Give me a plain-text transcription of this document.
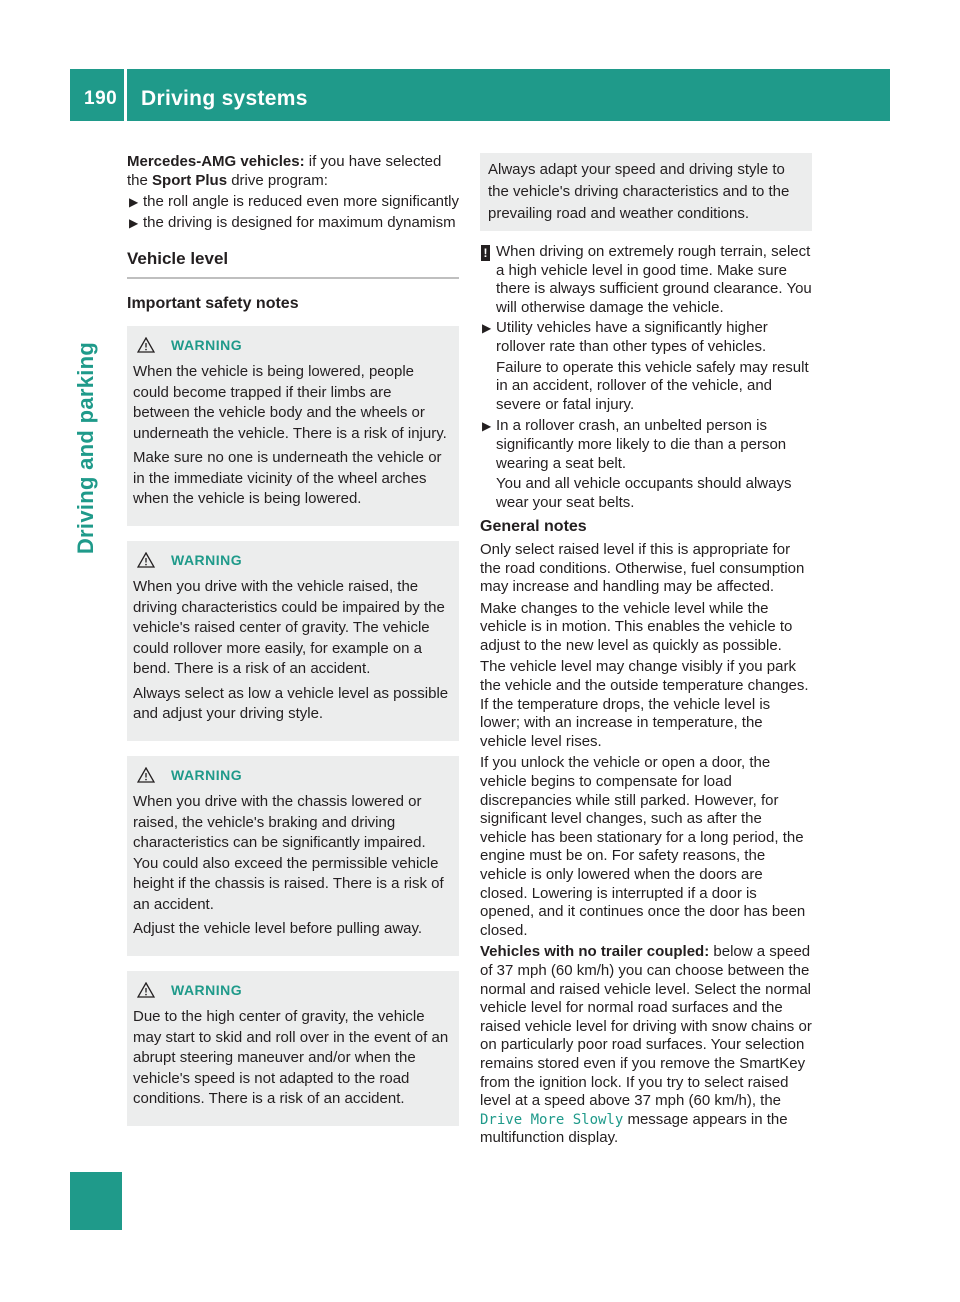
190 Driving systems
Driving and parking

Mercedes-AMG vehicles: if you have selected the Sport Plus drive program:

▶ the roll angle is reduced even more significantly
▶ the driving is designed for maximum dynamism
Vehicle level
Important safety notes
WARNING

When the vehicle is being lowered, people could become trapped if their limbs are between the vehicle body and the wheels or underneath the vehicle. There is a risk of injury.

Make sure no one is underneath the vehicle or in the immediate vicinity of the wheel arches when the vehicle is being lowered.

WARNING

When you drive with the vehicle raised, the driving characteristics could be impaired by the vehicle's raised center of gravity. The vehicle could rollover more easily, for example on a bend. There is a risk of an accident.

Always select as low a vehicle level as possible and adjust your driving style.

WARNING

When you drive with the chassis lowered or raised, the vehicle's braking and driving characteristics can be significantly impaired. You could also exceed the permissible vehicle height if the chassis is raised. There is a risk of an accident.

Adjust the vehicle level before pulling away.

WARNING

Due to the high center of gravity, the vehicle may start to skid and roll over in the event of an abrupt steering maneuver and/or when the vehicle's speed is not adapted to the road conditions. There is a risk of an accident.

Always adapt your speed and driving style to the vehicle's driving characteristics and to the prevailing road and weather conditions.
! When driving on extremely rough terrain, select a high vehicle level in good time. Make sure there is always sufficient ground clearance. You will otherwise damage the vehicle.
▶ Utility vehicles have a significantly higher rollover rate than other types of vehicles.

Failure to operate this vehicle safely may result in an accident, rollover of the vehicle, and severe or fatal injury.

▶ In a rollover crash, an unbelted person is significantly more likely to die than a person wearing a seat belt.

You and all vehicle occupants should always wear your seat belts.

General notes

Only select raised level if this is appropriate for the road conditions. Otherwise, fuel consumption may increase and handling may be affected.

Make changes to the vehicle level while the vehicle is in motion. This enables the vehicle to adjust to the new level as quickly as possible.

The vehicle level may change visibly if you park the vehicle and the outside temperature changes. If the temperature drops, the vehicle level is lower; with an increase in temperature, the vehicle level rises.

If you unlock the vehicle or open a door, the vehicle begins to compensate for load discrepancies while still parked. However, for significant level changes, such as after the vehicle has been stationary for a long period, the engine must be on. For safety reasons, the vehicle is only lowered when the doors are closed. Lowering is interrupted if a door is opened, and it continues once the door has been closed.

Vehicles with no trailer coupled: below a speed of 37 mph (60 km/h) you can choose between the normal and raised vehicle level. Select the normal vehicle level for normal road surfaces and the raised vehicle level for driving with snow chains or on particularly poor road surfaces. Your selection remains stored even if you remove the SmartKey from the ignition lock. If you try to select raised level at a speed above 37 mph (60 km/h), the Drive More Slowly message appears in the multifunction display.
